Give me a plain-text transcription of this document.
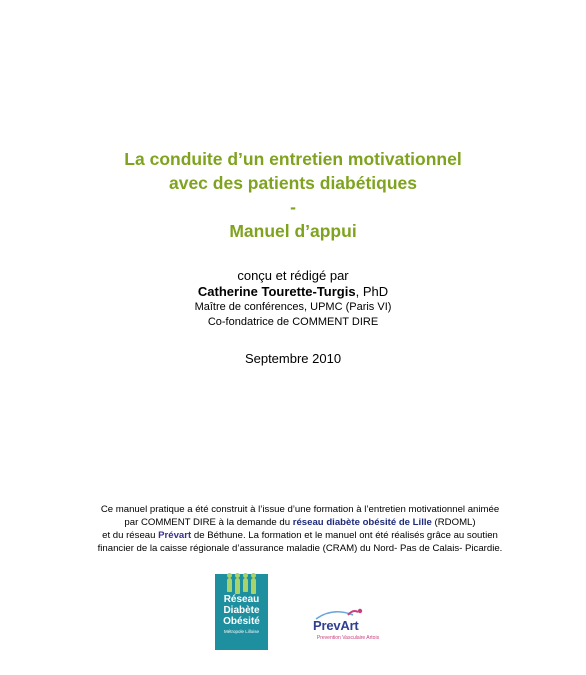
La conduite d’un entretien motivationnel
avec des patients diabétiques
-
Manuel d’appui
conçu et rédigé par
Catherine Tourette-Turgis, PhD
Maître de conférences, UPMC (Paris VI)
Co-fondatrice de COMMENT DIRE
Septembre 2010
Ce manuel pratique a été construit à l’issue d’une formation à l’entretien motivationnel animée
par COMMENT DIRE à la demande du réseau diabète obésité de Lille (RDOML)
et du réseau Prévart de Béthune. La formation et le manuel ont été réalisés grâce au soutien
financier de la caisse régionale d’assurance maladie (CRAM) du Nord- Pas de Calais- Picardie.
Réseau
Diabète
Obésité
Métropole Lilloise	PrevArt
Prevention Vasculaire Artois
